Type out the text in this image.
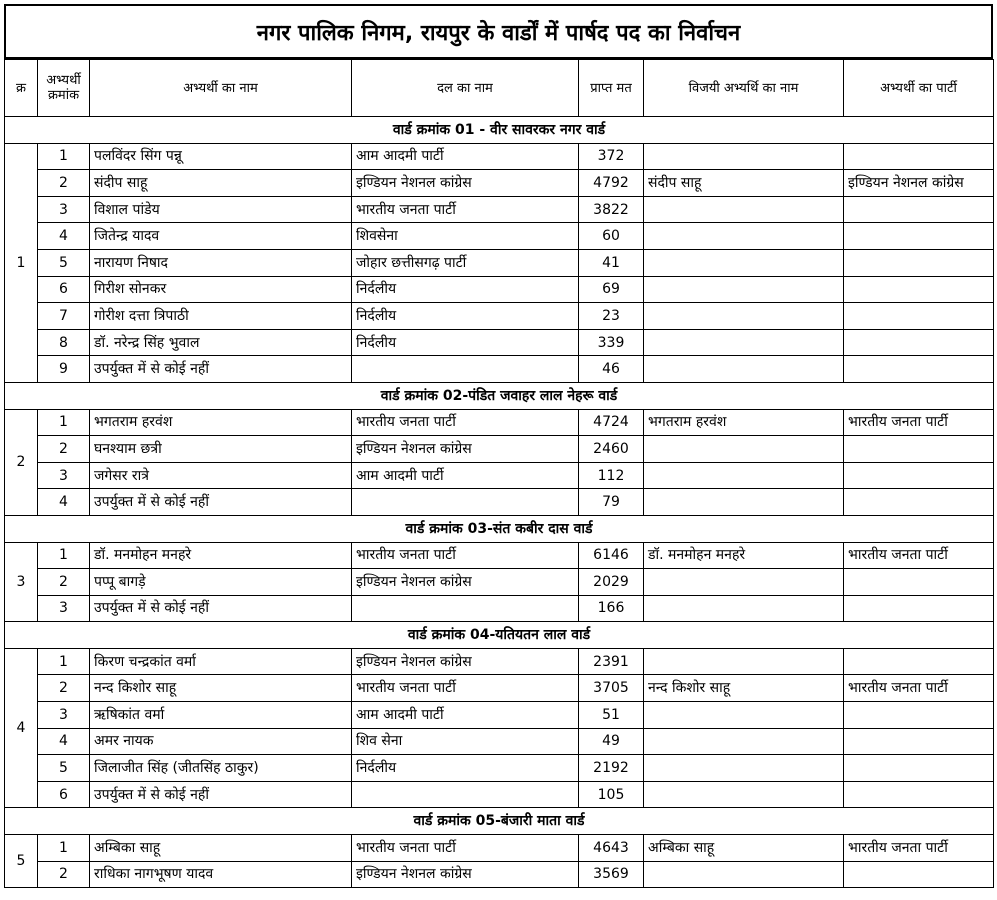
नगर पालिक निगम, रायपुर के वार्डों में पार्षद पद का निर्वाचन
क्र	अभ्यर्थी क्रमांक	अभ्यर्थी का नाम	दल का नाम	प्राप्त मत	विजयी अभ्यर्थि का नाम	अभ्यर्थी का पार्टी
वार्ड क्रमांक 01 - वीर सावरकर नगर वार्ड						
1	1	पलविंदर सिंग पन्नू	आम आदमी पार्टी	372		
	2	संदीप साहू	इण्डियन नेशनल कांग्रेस	4792	संदीप साहू	इण्डियन नेशनल कांग्रेस
	3	विशाल पांडेय	भारतीय जनता पार्टी	3822		
	4	जितेन्द्र यादव	शिवसेना	60		
	5	नारायण निषाद	जोहार छत्तीसगढ़ पार्टी	41		
	6	गिरीश सोनकर	निर्दलीय	69		
	7	गोरीश दत्ता त्रिपाठी	निर्दलीय	23		
	8	डॉ. नरेन्द्र सिंह भुवाल	निर्दलीय	339		
	9	उपर्युक्त में से कोई नहीं		46		
वार्ड क्रमांक 02-पंडित जवाहर लाल नेहरू वार्ड						
2	1	भगतराम हरवंश	भारतीय जनता पार्टी	4724	भगतराम हरवंश	भारतीय जनता पार्टी
	2	घनश्याम छत्री	इण्डियन नेशनल कांग्रेस	2460		
	3	जगेसर रात्रे	आम आदमी पार्टी	112		
	4	उपर्युक्त में से कोई नहीं		79		
वार्ड क्रमांक 03-संत कबीर दास वार्ड						
3	1	डॉ. मनमोहन मनहरे	भारतीय जनता पार्टी	6146	डॉ. मनमोहन मनहरे	भारतीय जनता पार्टी
	2	पप्पू बागड़े	इण्डियन नेशनल कांग्रेस	2029		
	3	उपर्युक्त में से कोई नहीं		166		
वार्ड क्रमांक 04-यतियतन लाल वार्ड						
4	1	किरण चन्द्रकांत वर्मा	इण्डियन नेशनल कांग्रेस	2391		
	2	नन्द किशोर साहू	भारतीय जनता पार्टी	3705	नन्द किशोर साहू	भारतीय जनता पार्टी
	3	ऋषिकांत वर्मा	आम आदमी पार्टी	51		
	4	अमर नायक	शिव सेना	49		
	5	जिलाजीत सिंह (जीतसिंह ठाकुर)	निर्दलीय	2192		
	6	उपर्युक्त में से कोई नहीं		105		
वार्ड क्रमांक 05-बंजारी माता वार्ड						
5	1	अम्बिका साहू	भारतीय जनता पार्टी	4643	अम्बिका साहू	भारतीय जनता पार्टी
	2	राधिका नागभूषण यादव	इण्डियन नेशनल कांग्रेस	3569		
